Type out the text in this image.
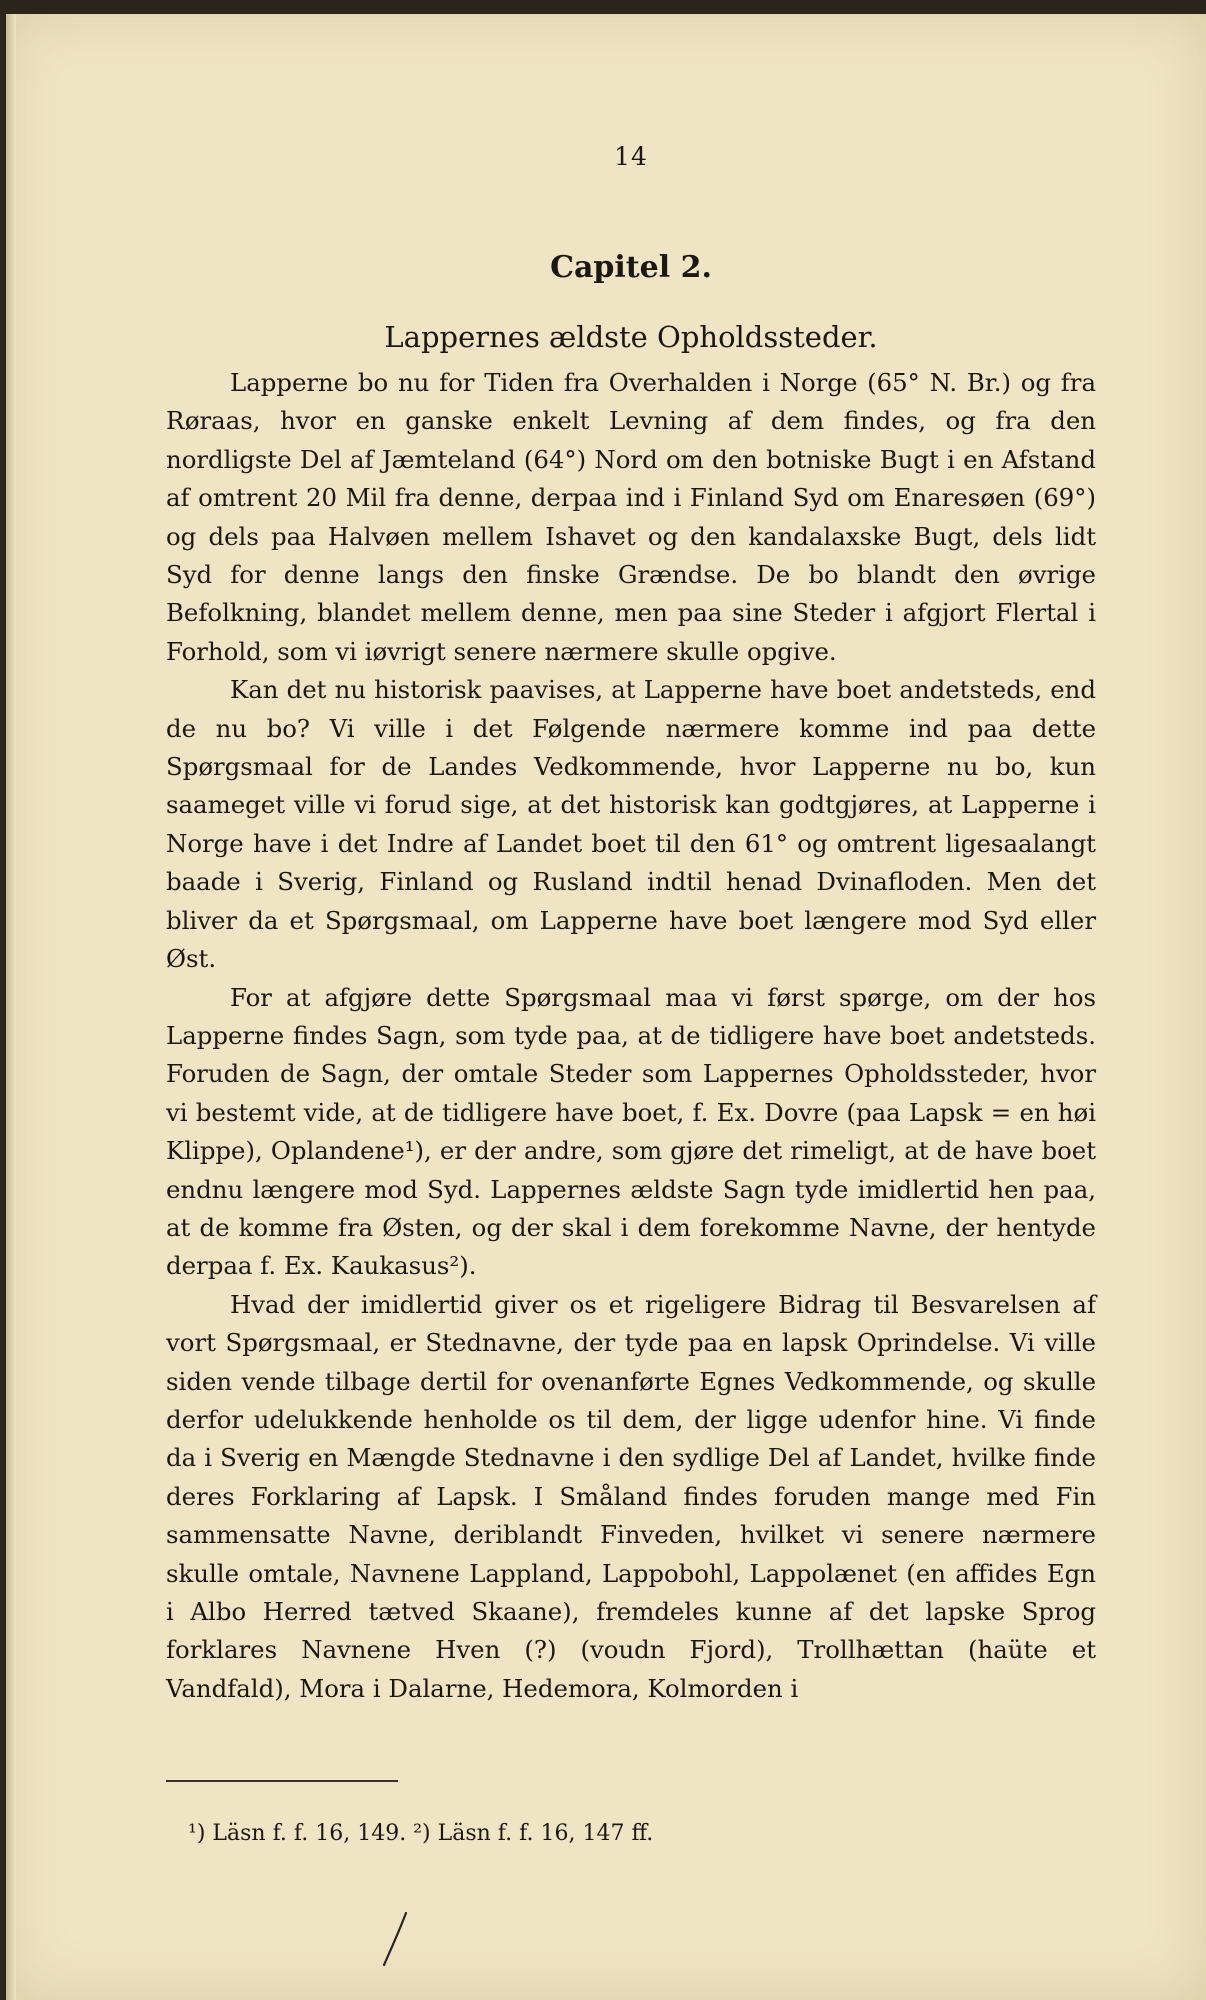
14
Capitel 2.
Lappernes ældste Opholdssteder.

Lapperne bo nu for Tiden fra Overhalden i Norge (65° N. Br.) og fra Røraas, hvor en ganske enkelt Levning af dem findes, og fra den nordligste Del af Jæmteland (64°) Nord om den botniske Bugt i en Afstand af omtrent 20 Mil fra denne, derpaa ind i Finland Syd om Enaresøen (69°) og dels paa Halvøen mellem Ishavet og den kandalaxske Bugt, dels lidt Syd for denne langs den finske Grændse. De bo blandt den øvrige Befolkning, blandet mellem denne, men paa sine Steder i afgjort Flertal i Forhold, som vi iøvrigt senere nærmere skulle opgive.

Kan det nu historisk paavises, at Lapperne have boet andetsteds, end de nu bo? Vi ville i det Følgende nærmere komme ind paa dette Spørgsmaal for de Landes Vedkommende, hvor Lapperne nu bo, kun saameget ville vi forud sige, at det historisk kan godtgjøres, at Lapperne i Norge have i det Indre af Landet boet til den 61° og omtrent ligesaalangt baade i Sverig, Finland og Rusland indtil henad Dvinafloden. Men det bliver da et Spørgsmaal, om Lapperne have boet længere mod Syd eller Øst.

For at afgjøre dette Spørgsmaal maa vi først spørge, om der hos Lapperne findes Sagn, som tyde paa, at de tidligere have boet andetsteds. Foruden de Sagn, der omtale Steder som Lappernes Opholdssteder, hvor vi bestemt vide, at de tidligere have boet, f. Ex. Dovre (paa Lapsk = en høi Klippe), Oplandene¹), er der andre, som gjøre det rimeligt, at de have boet endnu længere mod Syd. Lappernes ældste Sagn tyde imidlertid hen paa, at de komme fra Østen, og der skal i dem forekomme Navne, der hentyde derpaa f. Ex. Kaukasus²).

Hvad der imidlertid giver os et rigeligere Bidrag til Besvarelsen af vort Spørgsmaal, er Stednavne, der tyde paa en lapsk Oprindelse. Vi ville siden vende tilbage dertil for ovenanførte Egnes Vedkommende, og skulle derfor udelukkende henholde os til dem, der ligge udenfor hine. Vi finde da i Sverig en Mængde Stednavne i den sydlige Del af Landet, hvilke finde deres Forklaring af Lapsk. I Småland findes foruden mange med Fin sammensatte Navne, deriblandt Finveden, hvilket vi senere nærmere skulle omtale, Navnene Lappland, Lappobohl, Lappolænet (en affides Egn i Albo Herred tætved Skaane), fremdeles kunne af det lapske Sprog forklares Navnene Hven (?) (voudn Fjord), Trollhættan (haüte et Vandfald), Mora i Dalarne, Hedemora, Kolmorden i

¹) Läsn f. f. 16, 149. ²) Läsn f. f. 16, 147 ff.
